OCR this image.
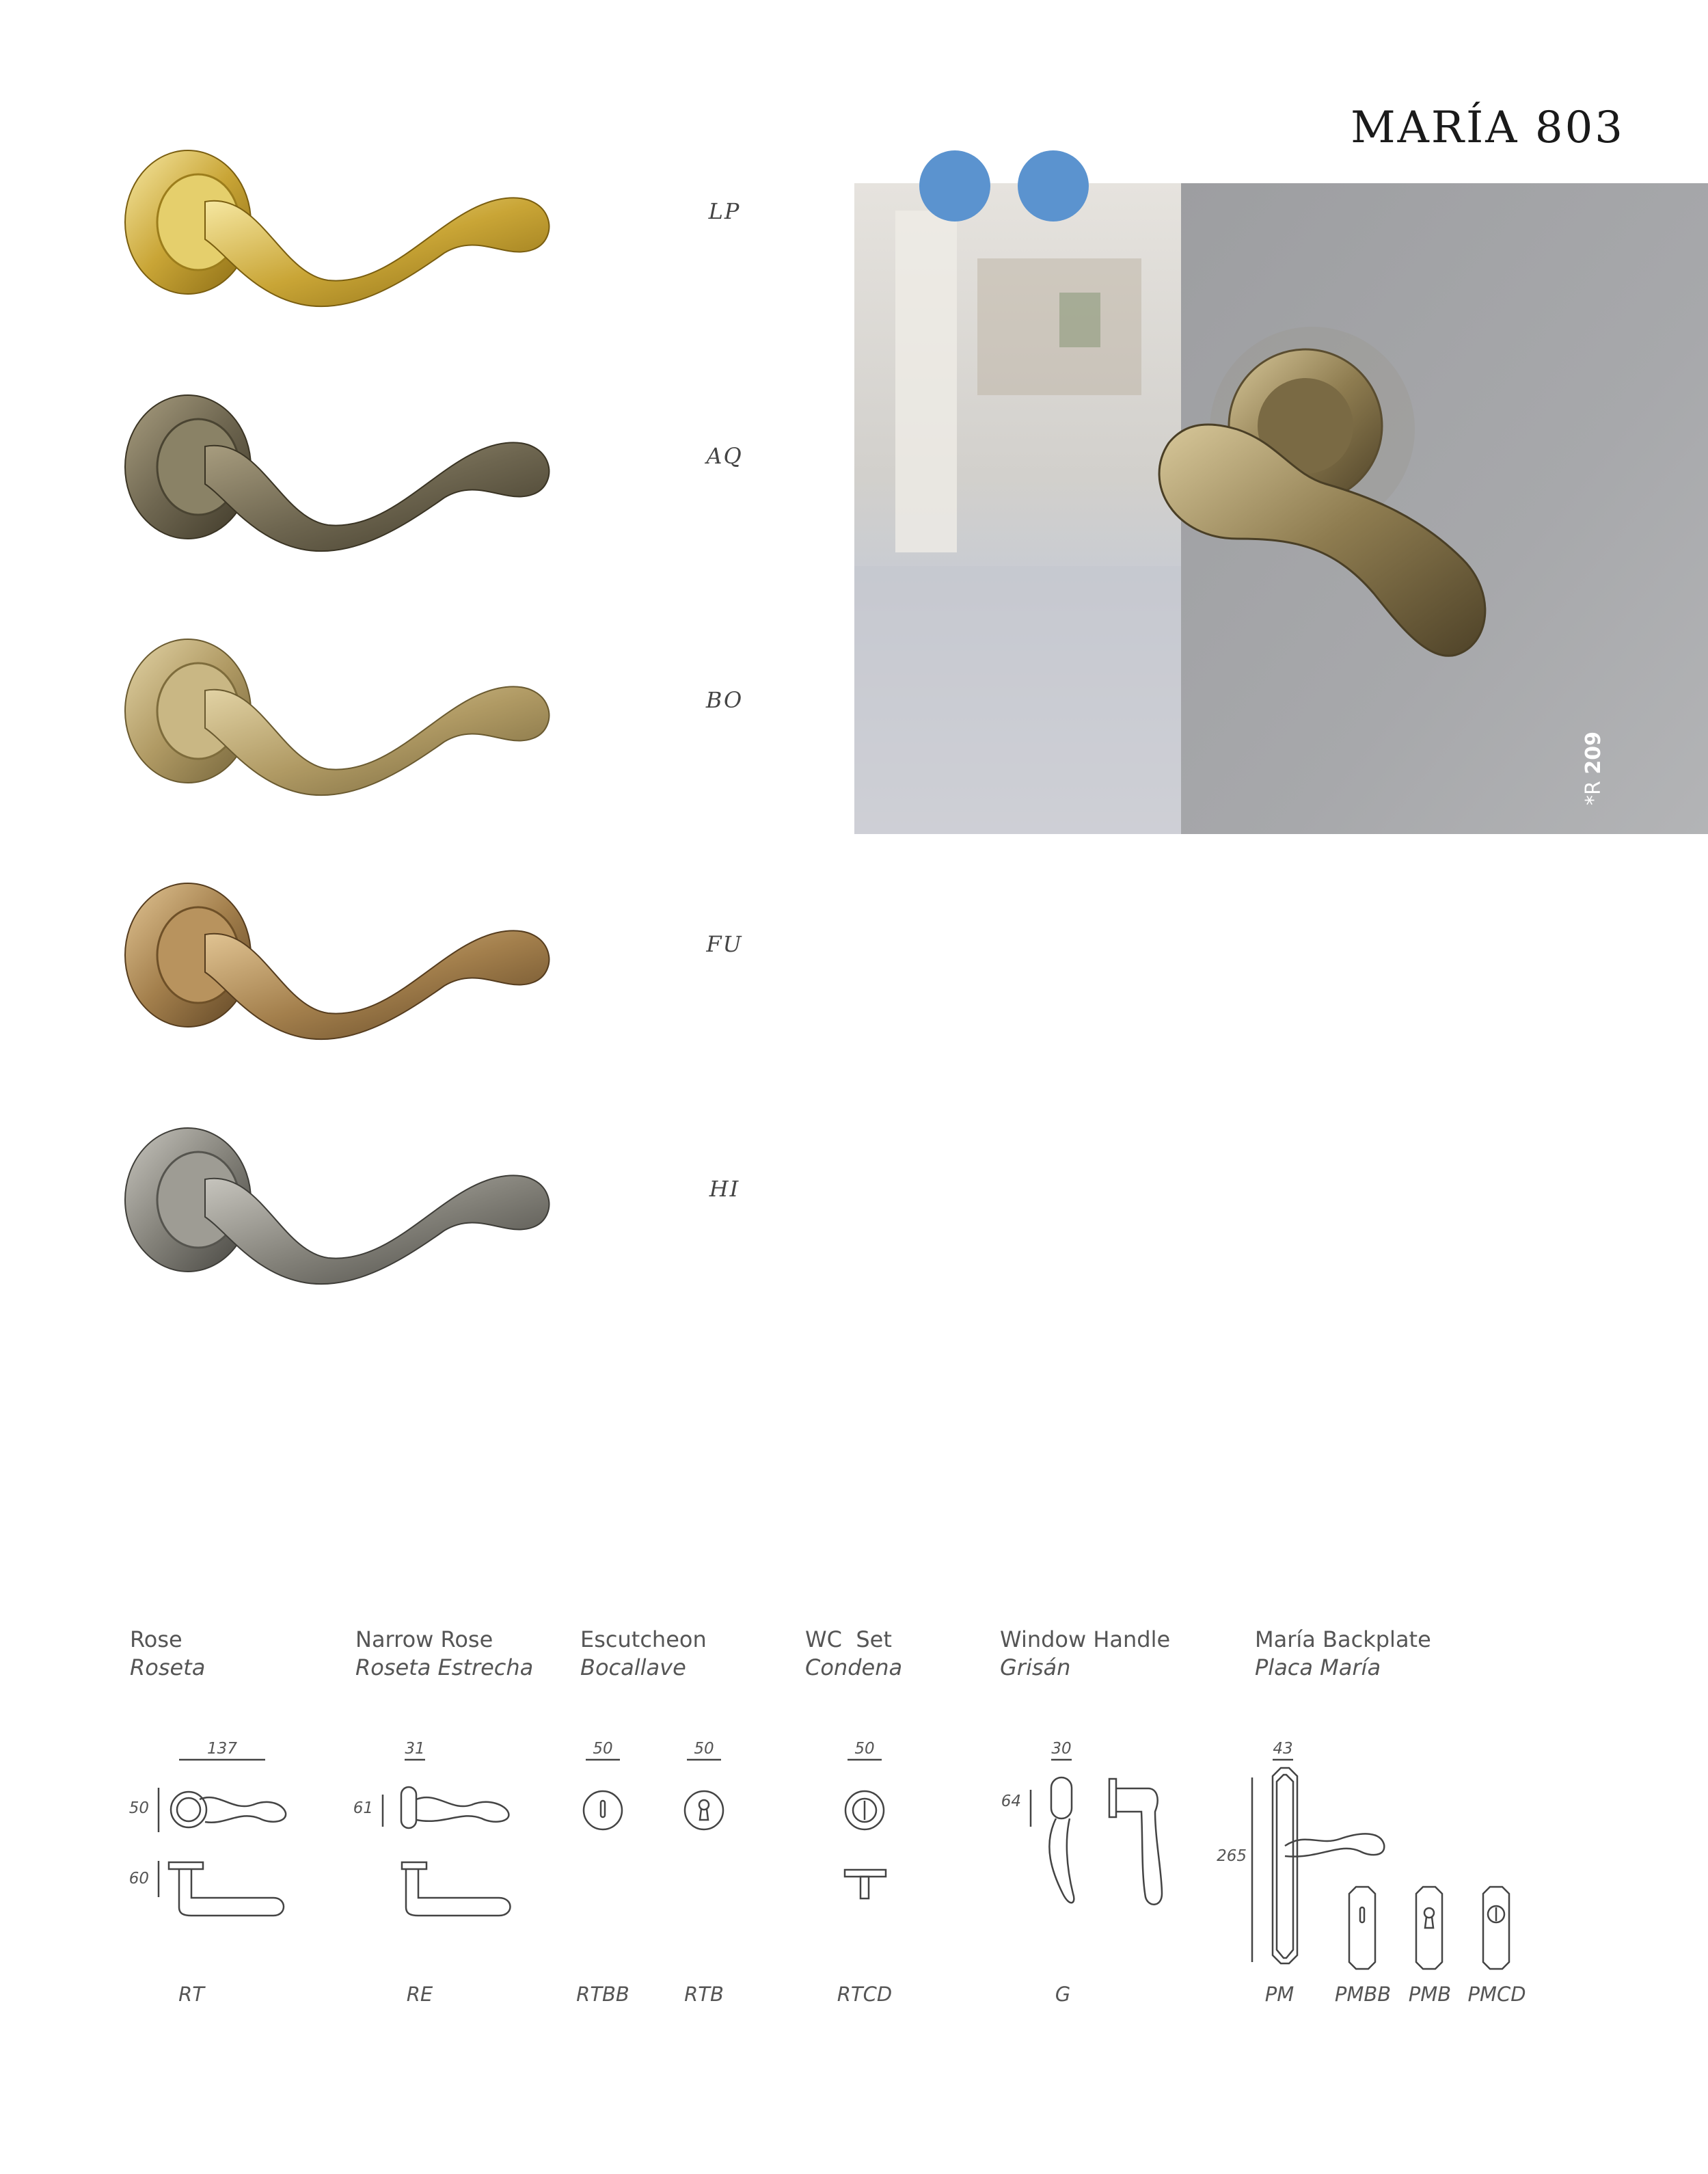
MARÍA 803
LP
AQ
BO
FU
HI
*R 209
Rose
Roseta
Narrow Rose
Roseta Estrecha
Escutcheon
Bocallave
WC  Set
Condena
Window Handle
Grisán
María Backplate
Placa María
137
50
60
31
61
50	50	50	30
64
43
265
RT	RE	RTBB	RTB	RTCD	G	PM	PMBB PMB PMCD
